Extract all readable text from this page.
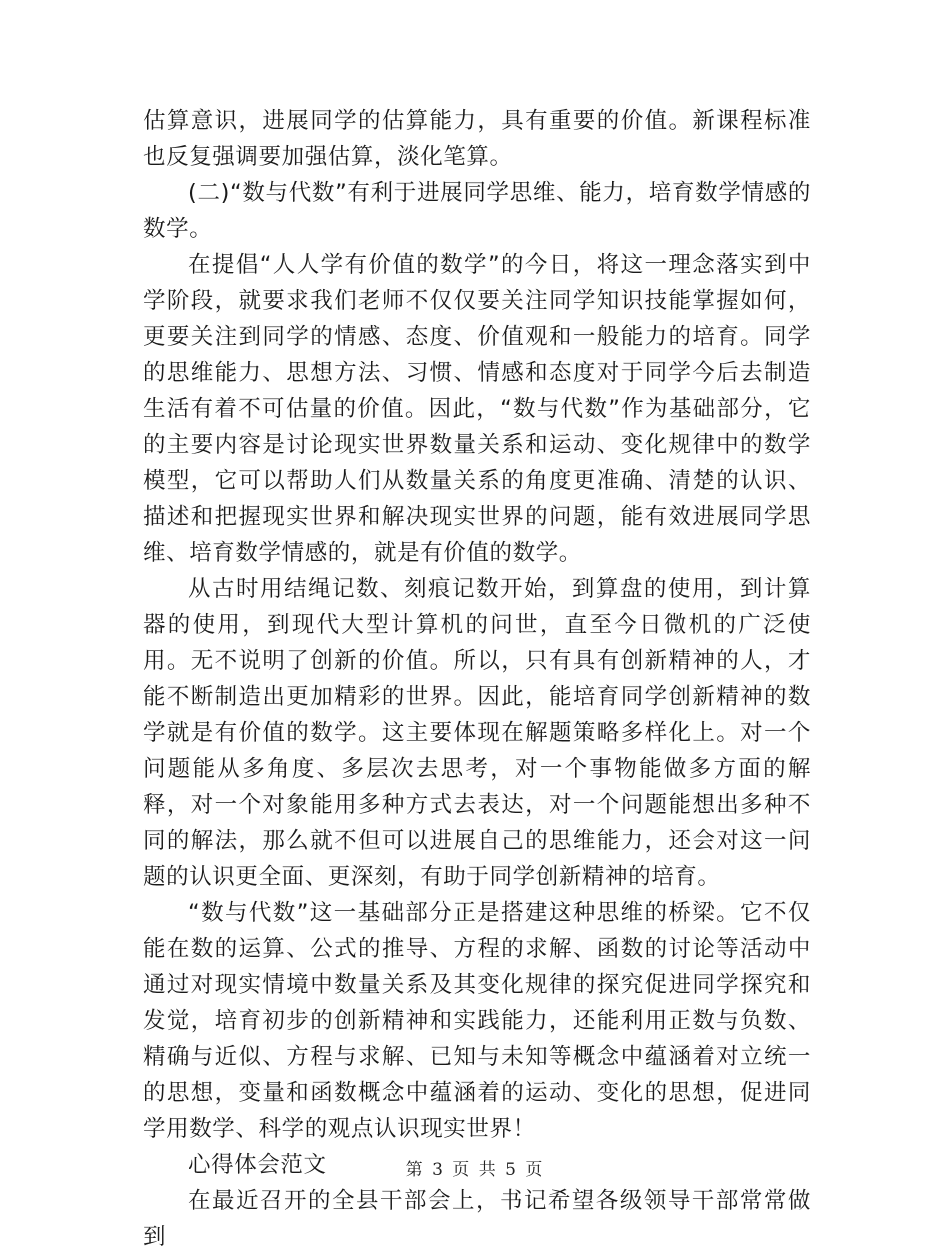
估算意识，进展同学的估算能力，具有重要的价值。新课程标准也反复强调要加强估算，淡化笔算。

(二)“数与代数”有利于进展同学思维、能力，培育数学情感的数学。

在提倡“人人学有价值的数学”的今日，将这一理念落实到中学阶段，就要求我们老师不仅仅要关注同学知识技能掌握如何，更要关注到同学的情感、态度、价值观和一般能力的培育。同学的思维能力、思想方法、习惯、情感和态度对于同学今后去制造生活有着不可估量的价值。因此，“数与代数”作为基础部分，它的主要内容是讨论现实世界数量关系和运动、变化规律中的数学模型，它可以帮助人们从数量关系的角度更准确、清楚的认识、描述和把握现实世界和解决现实世界的问题，能有效进展同学思维、培育数学情感的，就是有价值的数学。

从古时用结绳记数、刻痕记数开始，到算盘的使用，到计算器的使用，到现代大型计算机的问世，直至今日微机的广泛使用。无不说明了创新的价值。所以，只有具有创新精神的人，才能不断制造出更加精彩的世界。因此，能培育同学创新精神的数学就是有价值的数学。这主要体现在解题策略多样化上。对一个问题能从多角度、多层次去思考，对一个事物能做多方面的解释，对一个对象能用多种方式去表达，对一个问题能想出多种不同的解法，那么就不但可以进展自己的思维能力，还会对这一问题的认识更全面、更深刻，有助于同学创新精神的培育。

“数与代数”这一基础部分正是搭建这种思维的桥梁。它不仅能在数的运算、公式的推导、方程的求解、函数的讨论等活动中通过对现实情境中数量关系及其变化规律的探究促进同学探究和发觉，培育初步的创新精神和实践能力，还能利用正数与负数、精确与近似、方程与求解、已知与未知等概念中蕴涵着对立统一的思想，变量和函数概念中蕴涵着的运动、变化的思想，促进同学用数学、科学的观点认识现实世界！

心得体会范文

在最近召开的全县干部会上，书记希望各级领导干部常常做到

第 3 页 共 5 页
